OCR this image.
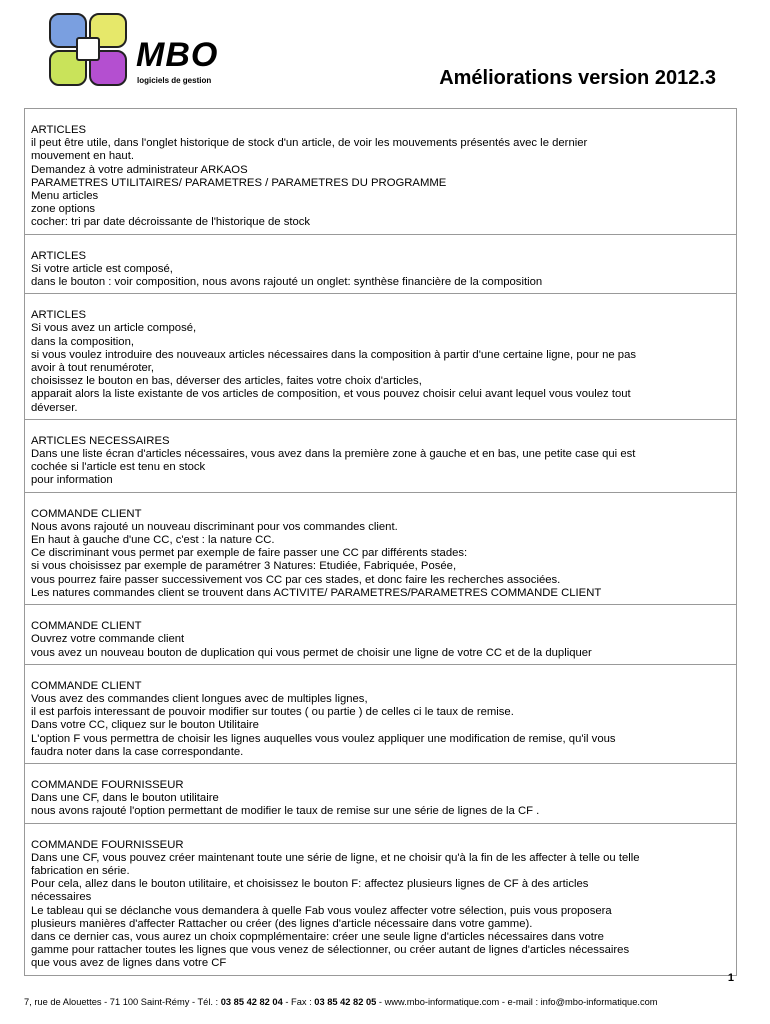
MBO
logiciels de gestion	Améliorations version 2012.3
ARTICLES
il peut être utile, dans l'onglet historique de stock d'un article, de voir les mouvements présentés avec le dernier
mouvement en haut.
Demandez à votre administrateur ARKAOS
PARAMETRES UTILITAIRES/ PARAMETRES / PARAMETRES DU PROGRAMME
Menu articles
zone options
cocher: tri par date décroissante de l'historique de stock
ARTICLES
Si votre article est composé,
dans le bouton : voir composition, nous avons rajouté un onglet: synthèse financière de la composition
ARTICLES
Si vous avez un article composé,
dans la composition,
si vous voulez introduire des nouveaux articles nécessaires dans la composition à partir d'une certaine ligne, pour ne pas
avoir à tout renuméroter,
choisissez le bouton en bas, déverser des articles, faites votre choix d'articles,
apparait alors la liste existante de vos articles de composition, et vous pouvez choisir celui avant lequel vous voulez tout
déverser.
ARTICLES NECESSAIRES
Dans une liste écran d'articles nécessaires, vous avez dans la première zone à gauche et en bas, une petite case qui est
cochée si l'article est tenu en stock
pour information
COMMANDE CLIENT
Nous avons rajouté un nouveau discriminant pour vos commandes client.
En haut à gauche d'une CC, c'est : la nature CC.
Ce discriminant vous permet par exemple de faire passer une CC par différents stades:
si vous choisissez par exemple de paramétrer 3 Natures: Etudiée, Fabriquée, Posée,
vous pourrez faire passer successivement vos CC par ces stades, et donc faire les recherches associées.
Les natures commandes client se trouvent dans ACTIVITE/ PARAMETRES/PARAMETRES COMMANDE CLIENT
COMMANDE CLIENT
Ouvrez votre commande client
vous avez un nouveau bouton de duplication qui vous permet de choisir une ligne de votre CC et de la dupliquer
COMMANDE CLIENT
Vous avez des commandes client longues avec de multiples lignes,
il est parfois interessant de pouvoir modifier sur toutes ( ou partie ) de celles ci le taux de remise.
Dans votre CC, cliquez sur le bouton Utilitaire
L'option F vous permettra de choisir les lignes auquelles vous voulez appliquer une modification de remise, qu'il vous
faudra noter dans la case correspondante.
COMMANDE FOURNISSEUR
Dans une CF, dans le bouton utilitaire
nous avons rajouté l'option permettant de modifier le taux de remise sur une série de lignes de la CF .
COMMANDE FOURNISSEUR
Dans une CF, vous pouvez créer maintenant toute une série de ligne, et ne choisir qu'à la fin de les affecter à telle ou telle
fabrication en série.
Pour cela, allez dans le bouton utilitaire, et choisissez le bouton F: affectez plusieurs lignes de CF à des articles
nécessaires
Le tableau qui se déclanche vous demandera à quelle Fab vous voulez affecter votre sélection, puis vous proposera
plusieurs manières d'affecter Rattacher ou créer (des lignes d'article nécessaire dans votre gamme).
dans ce dernier cas, vous aurez un choix copmplémentaire: créer une seule ligne d'articles nécessaires dans votre
gamme pour rattacher toutes les lignes que vous venez de sélectionner, ou créer autant de lignes d'articles nécessaires
que vous avez de lignes dans votre CF
1
7, rue de Alouettes - 71 100 Saint-Rémy - Tél. : 03 85 42 82 04 - Fax : 03 85 42 82 05 - www.mbo-informatique.com - e-mail : info@mbo-informatique.com
